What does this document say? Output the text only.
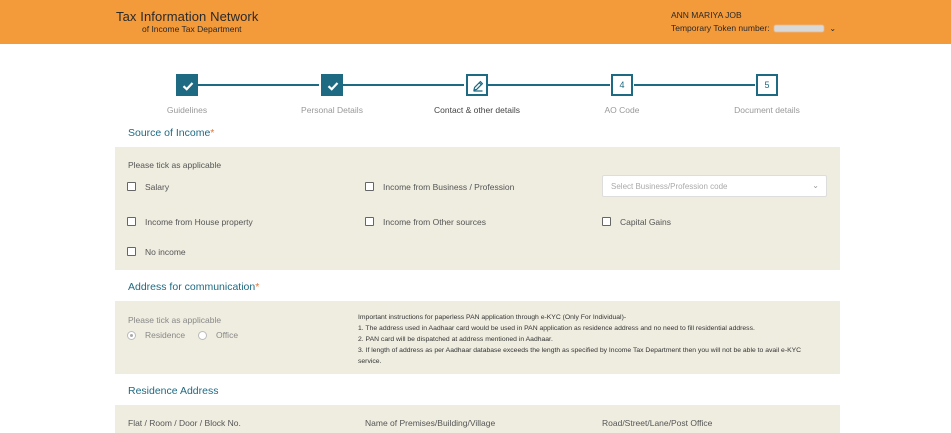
Tax Information Network
of Income Tax Department
ANN MARIYA JOB
Temporary Token number:	⌄
4	5
Guidelines	Personal Details	Contact & other details	AO Code	Document details
Source of Income*
Please tick as applicable
Salary	Income from Business / Profession	Select Business/Profession code	⌄
Income from House property	Income from Other sources	Capital Gains
No income
Address for communication*
Please tick as applicable
Residence	Office
Important instructions for paperless PAN application through e-KYC (Only For Individual)-
1. The address used in Aadhaar card would be used in PAN application as residence address and no need to fill residential address.
2. PAN card will be dispatched at address mentioned in Aadhaar.
3. If length of address as per Aadhaar database exceeds the length as specified by Income Tax Department then you will not be able to avail e-KYC
service.
Residence Address
Flat / Room / Door / Block No.	Name of Premises/Building/Village	Road/Street/Lane/Post Office
